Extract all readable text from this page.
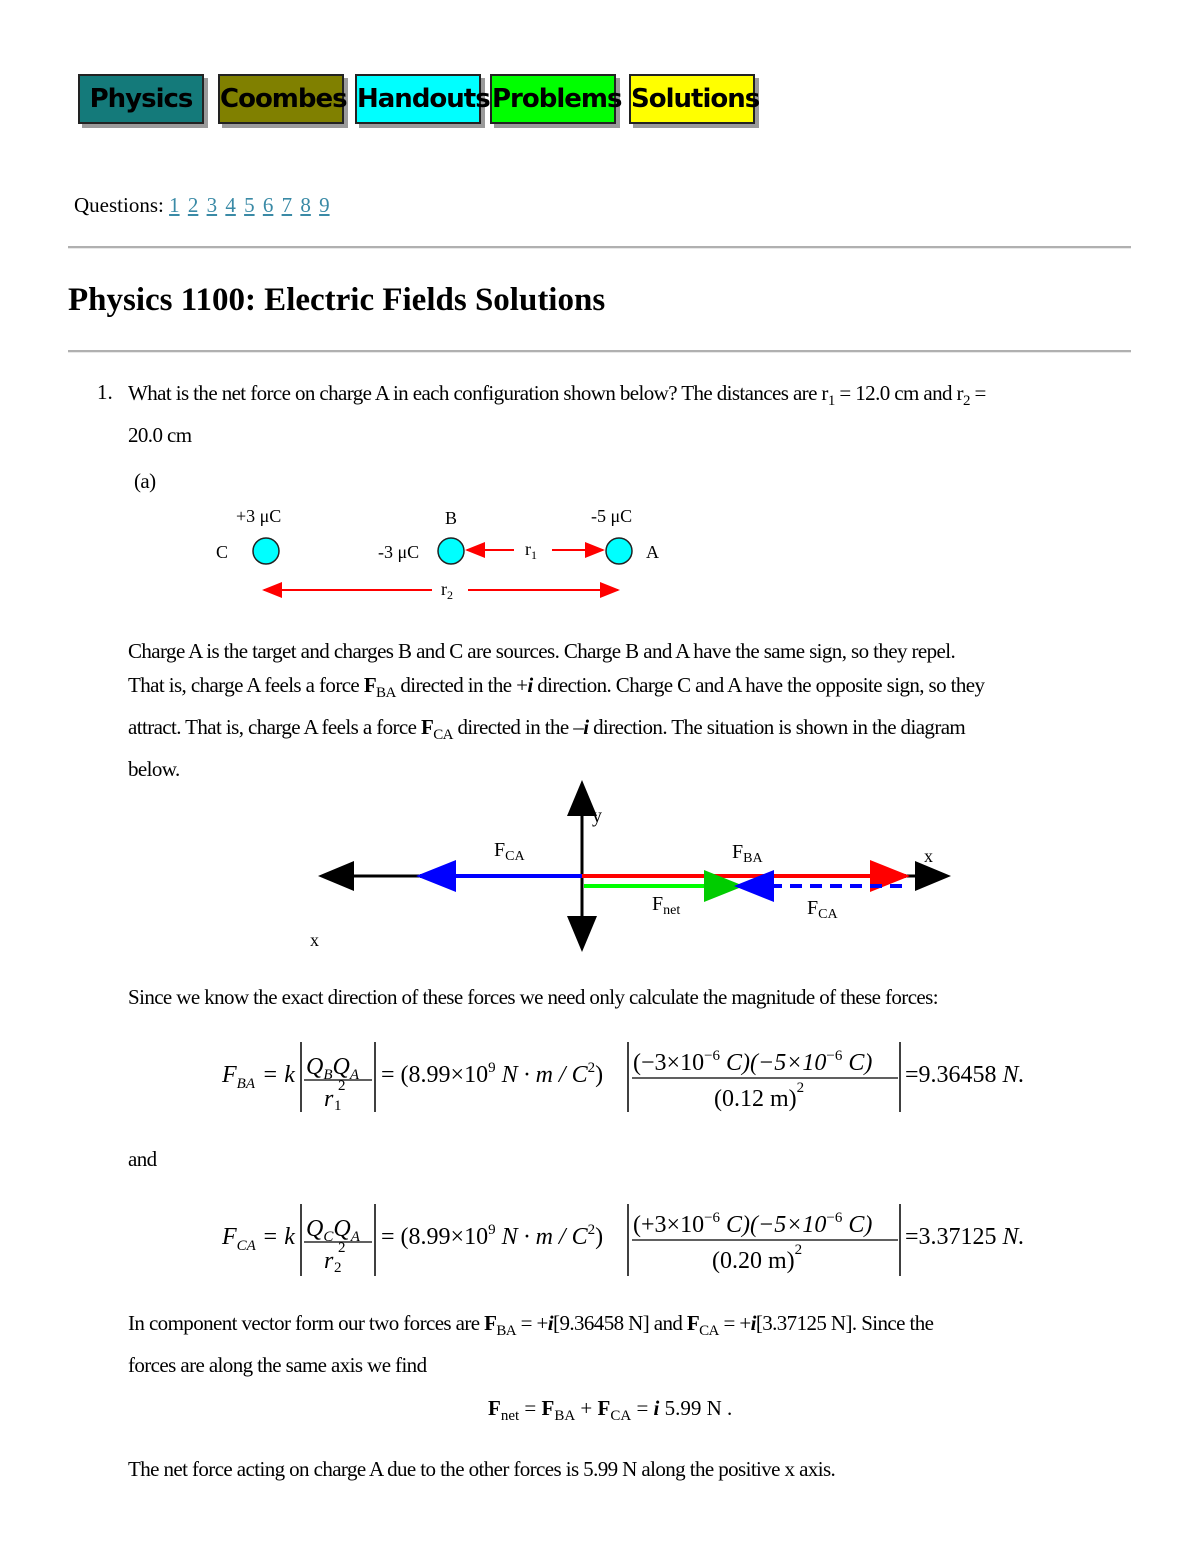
Physics	Coombes Handouts Problems Solutions
Questions: 1 2 3 4 5 6 7 8 9
Physics 1100: Electric Fields Solutions
1. What is the net force on charge A in each configuration shown below? The distances are $r_1 = 12.0$ cm and $r_2$ =
20.0 cm
(a)
+3 μC
C
B
-3 μC
-5 μC
A
$r_1$
$r_2$
Charge A is the target and charges B and C are sources. Charge B and A have the same sign, so they repel.
That is, charge A feels a force $F_{BA}$ directed in the +i direction. Charge C and A have the opposite sign, so they
attract. That is, charge A feels a force $F_{CA}$ directed in the –i direction. The situation is shown in the diagram
below.
y
x
x
$F_{CA}$	$F_{BA}$
$F_{net}$	$F_{CA}$
Since we know the exact direction of these forces we need only calculate the magnitude of these forces:
$F_{BA} = k$ $Q_BQ_A$
r 2
1
= ($8.99\times 10^9$ $N \cdot m / C^2$) ($-3\times 10^{-6}$ $C)(-5\times 10^{-6}$ C)
(0.12 m)$^2$	=9.36458 N.
and
$F_{CA} = k$ $Q_CQ_A$
r 2
2
= ($8.99\times 10^9$ $N \cdot m / C^2$) ($+3\times 10^{-6}$ $C)(-5\times 10^{-6}$ C)
(0.20 m)$^2$	=3.37125 N.
In component vector form our two forces are $F_{BA} = +i[9.36458$ N] and $F_{CA} = +i[3.37125$ N]. Since the
forces are along the same axis we find
$F_{net} = F_{BA} + F_{CA} = i$ 5.99 N .
The net force acting on charge A due to the other forces is 5.99 N along the positive x axis.
